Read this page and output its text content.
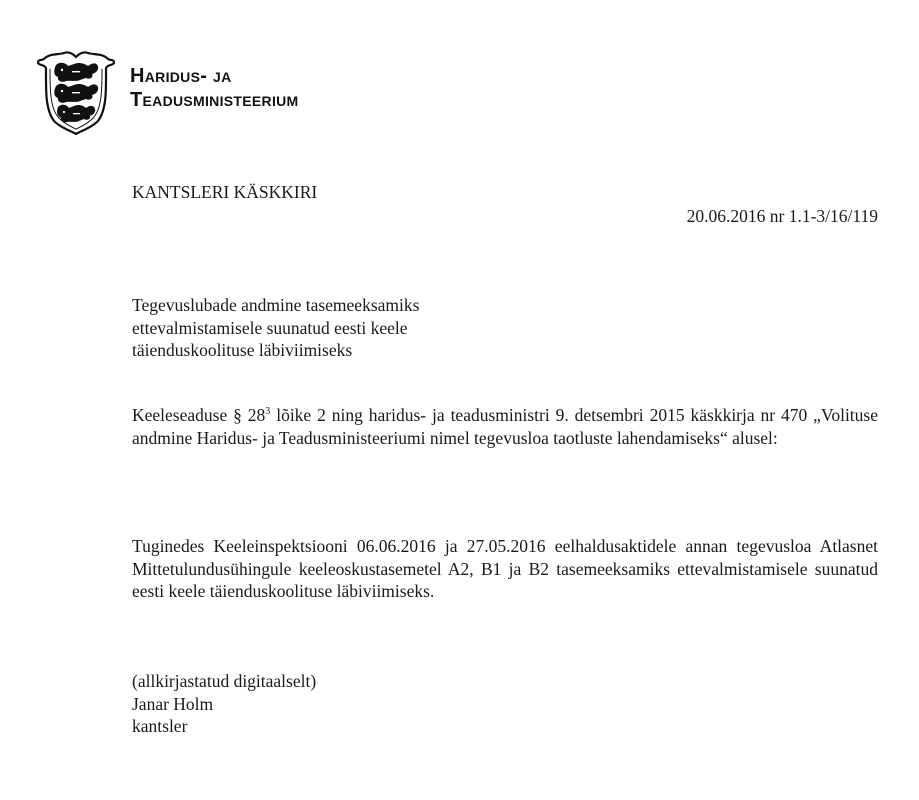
Haridus- ja
Teadusministeerium
KANTSLERI KÄSKKIRI
20.06.2016 nr 1.1-3/16/119
Tegevuslubade andmine tasemeeksamiks
ettevalmistamisele suunatud eesti keele
täienduskoolituse läbiviimiseks
Keeleseaduse § $28^3$ lõike 2 ning haridus- ja teadusministri 9. detsembri 2015 käskkirja nr 470 „Volituse andmine Haridus- ja Teadusministeeriumi nimel tegevusloa taotluste lahendamiseks“ alusel:
Tuginedes Keeleinspektsiooni 06.06.2016 ja 27.05.2016 eelhaldusaktidele annan tegevusloa Atlasnet Mittetulundusühingule keeleoskustasemetel A2, B1 ja B2 tasemeeksamiks ettevalmistamisele suunatud eesti keele täienduskoolituse läbiviimiseks.
(allkirjastatud digitaalselt)
Janar Holm
kantsler
